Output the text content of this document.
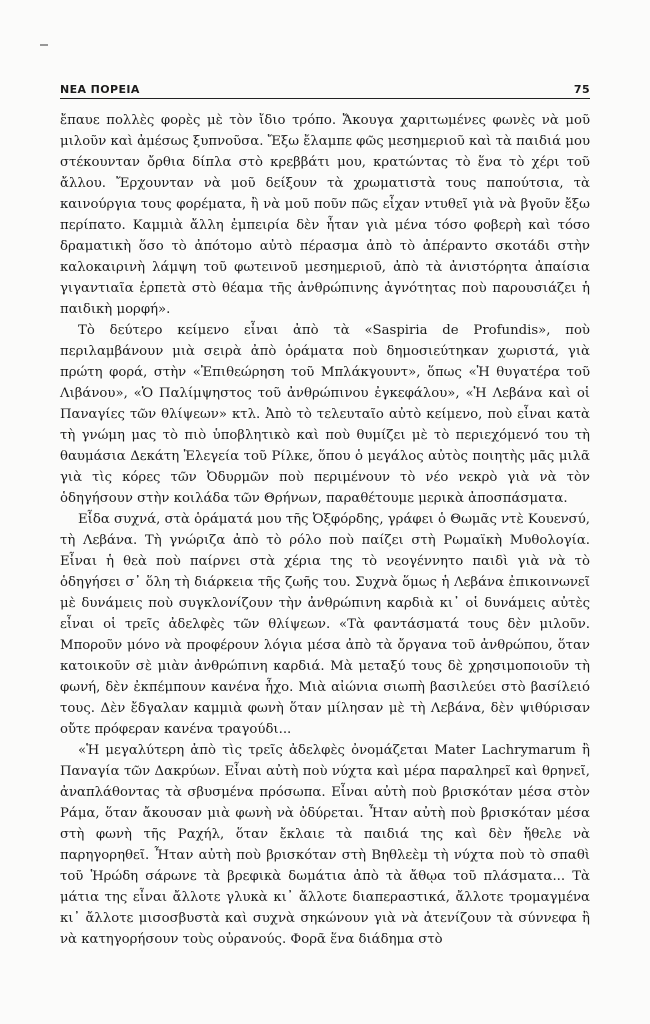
ΝΕΑ ΠΟΡΕΙΑ	75

ἔπαυε πολλὲς φορὲς μὲ τὸν ἴδιο τρόπο. Ἄκουγα χαριτωμένες φωνὲς νὰ μοῦ μιλοῦν καὶ ἀμέσως ξυπνοῦσα. Ἔξω ἔλαμπε φῶς μεσημεριοῦ καὶ τὰ παιδιά μου στέκουνταν ὄρθια δίπλα στὸ κρεββάτι μου, κρατώντας τὸ ἕνα τὸ χέρι τοῦ ἄλλου. Ἔρχουνταν νὰ μοῦ δείξουν τὰ χρωματιστὰ τους παπούτσια, τὰ καινούργια τους φορέματα, ἢ νὰ μοῦ ποῦν πῶς εἶχαν ντυθεῖ γιὰ νὰ βγοῦν ἔξω περίπατο. Καμμιὰ ἄλλη ἐμπειρία δὲν ἦταν γιὰ μένα τόσο φοβερὴ καὶ τόσο δραματικὴ ὅσο τὸ ἀπότομο αὐτὸ πέρασμα ἀπὸ τὸ ἀπέραντο σκοτάδι στὴν καλοκαιρινὴ λάμψη τοῦ φωτεινοῦ μεσημεριοῦ, ἀπὸ τὰ ἀνιστόρητα ἀπαίσια γιγαντιαῖα ἑρπετὰ στὸ θέαμα τῆς ἀνθρώπινης ἀγνότητας ποὺ παρουσιάζει ἡ παιδικὴ μορφή».

Τὸ δεύτερο κείμενο εἶναι ἀπὸ τὰ «Saspiria de Profundis», ποὺ περιλαμβάνουν μιὰ σειρὰ ἀπὸ ὁράματα ποὺ δημοσιεύτηκαν χωριστά, γιὰ πρώτη φορά, στὴν «Ἐπιθεώρηση τοῦ Μπλάκγουντ», ὅπως «Ἡ θυγατέρα τοῦ Λιβάνου», «Ὁ Παλίμψηστος τοῦ ἀνθρώπινου ἐγκεφάλου», «Ἡ Λεβάνα καὶ οἱ Παναγίες τῶν θλίψεων» κτλ. Ἀπὸ τὸ τελευταῖο αὐτὸ κείμενο, ποὺ εἶναι κατὰ τὴ γνώμη μας τὸ πιὸ ὑποβλητικὸ καὶ ποὺ θυμίζει μὲ τὸ περιεχόμενό του τὴ θαυμάσια Δεκάτη Ἐλεγεία τοῦ Ρίλκε, ὅπου ὁ μεγάλος αὐτὸς ποιητὴς μᾶς μιλᾶ γιὰ τὶς κόρες τῶν Ὀδυρμῶν ποὺ περιμένουν τὸ νέο νεκρὸ γιὰ νὰ τὸν ὁδηγήσουν στὴν κοιλάδα τῶν Θρήνων, παραθέτουμε μερικὰ ἀποσπάσματα.

Εἶδα συχνά, στὰ ὁράματά μου τῆς Ὀξφόρδης, γράφει ὁ Θωμᾶς ντὲ Κουενσύ, τὴ Λεβάνα. Τὴ γνώριζα ἀπὸ τὸ ρόλο ποὺ παίζει στὴ Ρωμαϊκὴ Μυθολογία. Εἶναι ἡ θεὰ ποὺ παίρνει στὰ χέρια της τὸ νεογέννητο παιδὶ γιὰ νὰ τὸ ὁδηγήσει σ᾿ ὅλη τὴ διάρκεια τῆς ζωῆς του. Συχνὰ ὅμως ἡ Λεβάνα ἐπικοινωνεῖ μὲ δυνάμεις ποὺ συγκλονίζουν τὴν ἀνθρώπινη καρδιὰ κι᾿ οἱ δυνάμεις αὐτὲς εἶναι οἱ τρεῖς ἀδελφὲς τῶν θλίψεων. «Τὰ φαντάσματά τους δὲν μιλοῦν. Μποροῦν μόνο νὰ προφέρουν λόγια μέσα ἀπὸ τὰ ὄργανα τοῦ ἀνθρώπου, ὅταν κατοικοῦν σὲ μιὰν ἀνθρώπινη καρδιά. Μὰ μεταξύ τους δὲ χρησιμοποιοῦν τὴ φωνή, δὲν ἐκπέμπουν κανένα ἦχο. Μιὰ αἰώνια σιωπὴ βασιλεύει στὸ βασίλειό τους. Δὲν ἔδγαλαν καμμιὰ φωνὴ ὅταν μίλησαν μὲ τὴ Λεβάνα, δὲν ψιθύρισαν οὔτε πρόφεραν κανένα τραγούδι...

«Ἡ μεγαλύτερη ἀπὸ τὶς τρεῖς ἀδελφὲς ὀνομάζεται Mater Lachrymarum ἢ Παναγία τῶν Δακρύων. Εἶναι αὐτὴ ποὺ νύχτα καὶ μέρα παραληρεῖ καὶ θρηνεῖ, ἀναπλάθοντας τὰ σβυσμένα πρόσωπα. Εἶναι αὐτὴ ποὺ βρισκόταν μέσα στὸν Ράμα, ὅταν ἄκουσαν μιὰ φωνὴ νὰ ὀδύρεται. Ἦταν αὐτὴ ποὺ βρισκόταν μέσα στὴ φωνὴ τῆς Ραχήλ, ὅταν ἔκλαιε τὰ παιδιά της καὶ δὲν ἤθελε νὰ παρηγορηθεῖ. Ἦταν αὐτὴ ποὺ βρισκόταν στὴ Βηθλεὲμ τὴ νύχτα ποὺ τὸ σπαθὶ τοῦ Ἡρώδη σάρωνε τὰ βρεφικὰ δωμάτια ἀπὸ τὰ ἄθῳα τοῦ πλάσματα... Τὰ μάτια της εἶναι ἄλλοτε γλυκὰ κι᾿ ἄλλοτε διαπεραστικά, ἄλλοτε τρομαγμένα κι᾿ ἄλλοτε μισοσβυστὰ καὶ συχνὰ σηκώνουν γιὰ νὰ ἀτενίζουν τὰ σύννεφα ἢ νὰ κατηγορήσουν τοὺς οὐρανούς. Φορᾶ ἕνα διάδημα στὸ
